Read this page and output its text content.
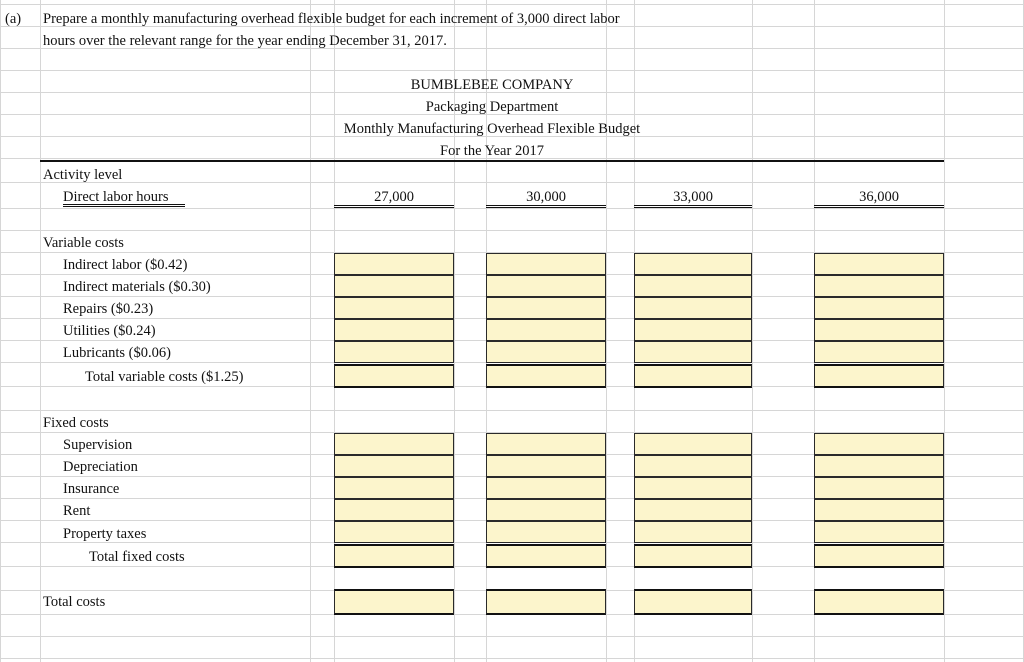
(a) Prepare a monthly manufacturing overhead flexible budget for each increment of 3,000 direct labor
hours over the relevant range for the year ending December 31, 2017.
BUMBLEBEE COMPANY
Packaging Department
Monthly Manufacturing Overhead Flexible Budget
For the Year 2017
Activity level
Direct labor hours	27,000	30,000	33,000	36,000
Variable costs
Indirect labor ($0.42)
Indirect materials ($0.30)
Repairs ($0.23)
Utilities ($0.24)
Lubricants ($0.06)
Total variable costs ($1.25)
Fixed costs
Supervision
Depreciation
Insurance
Rent
Property taxes
Total fixed costs
Total costs
